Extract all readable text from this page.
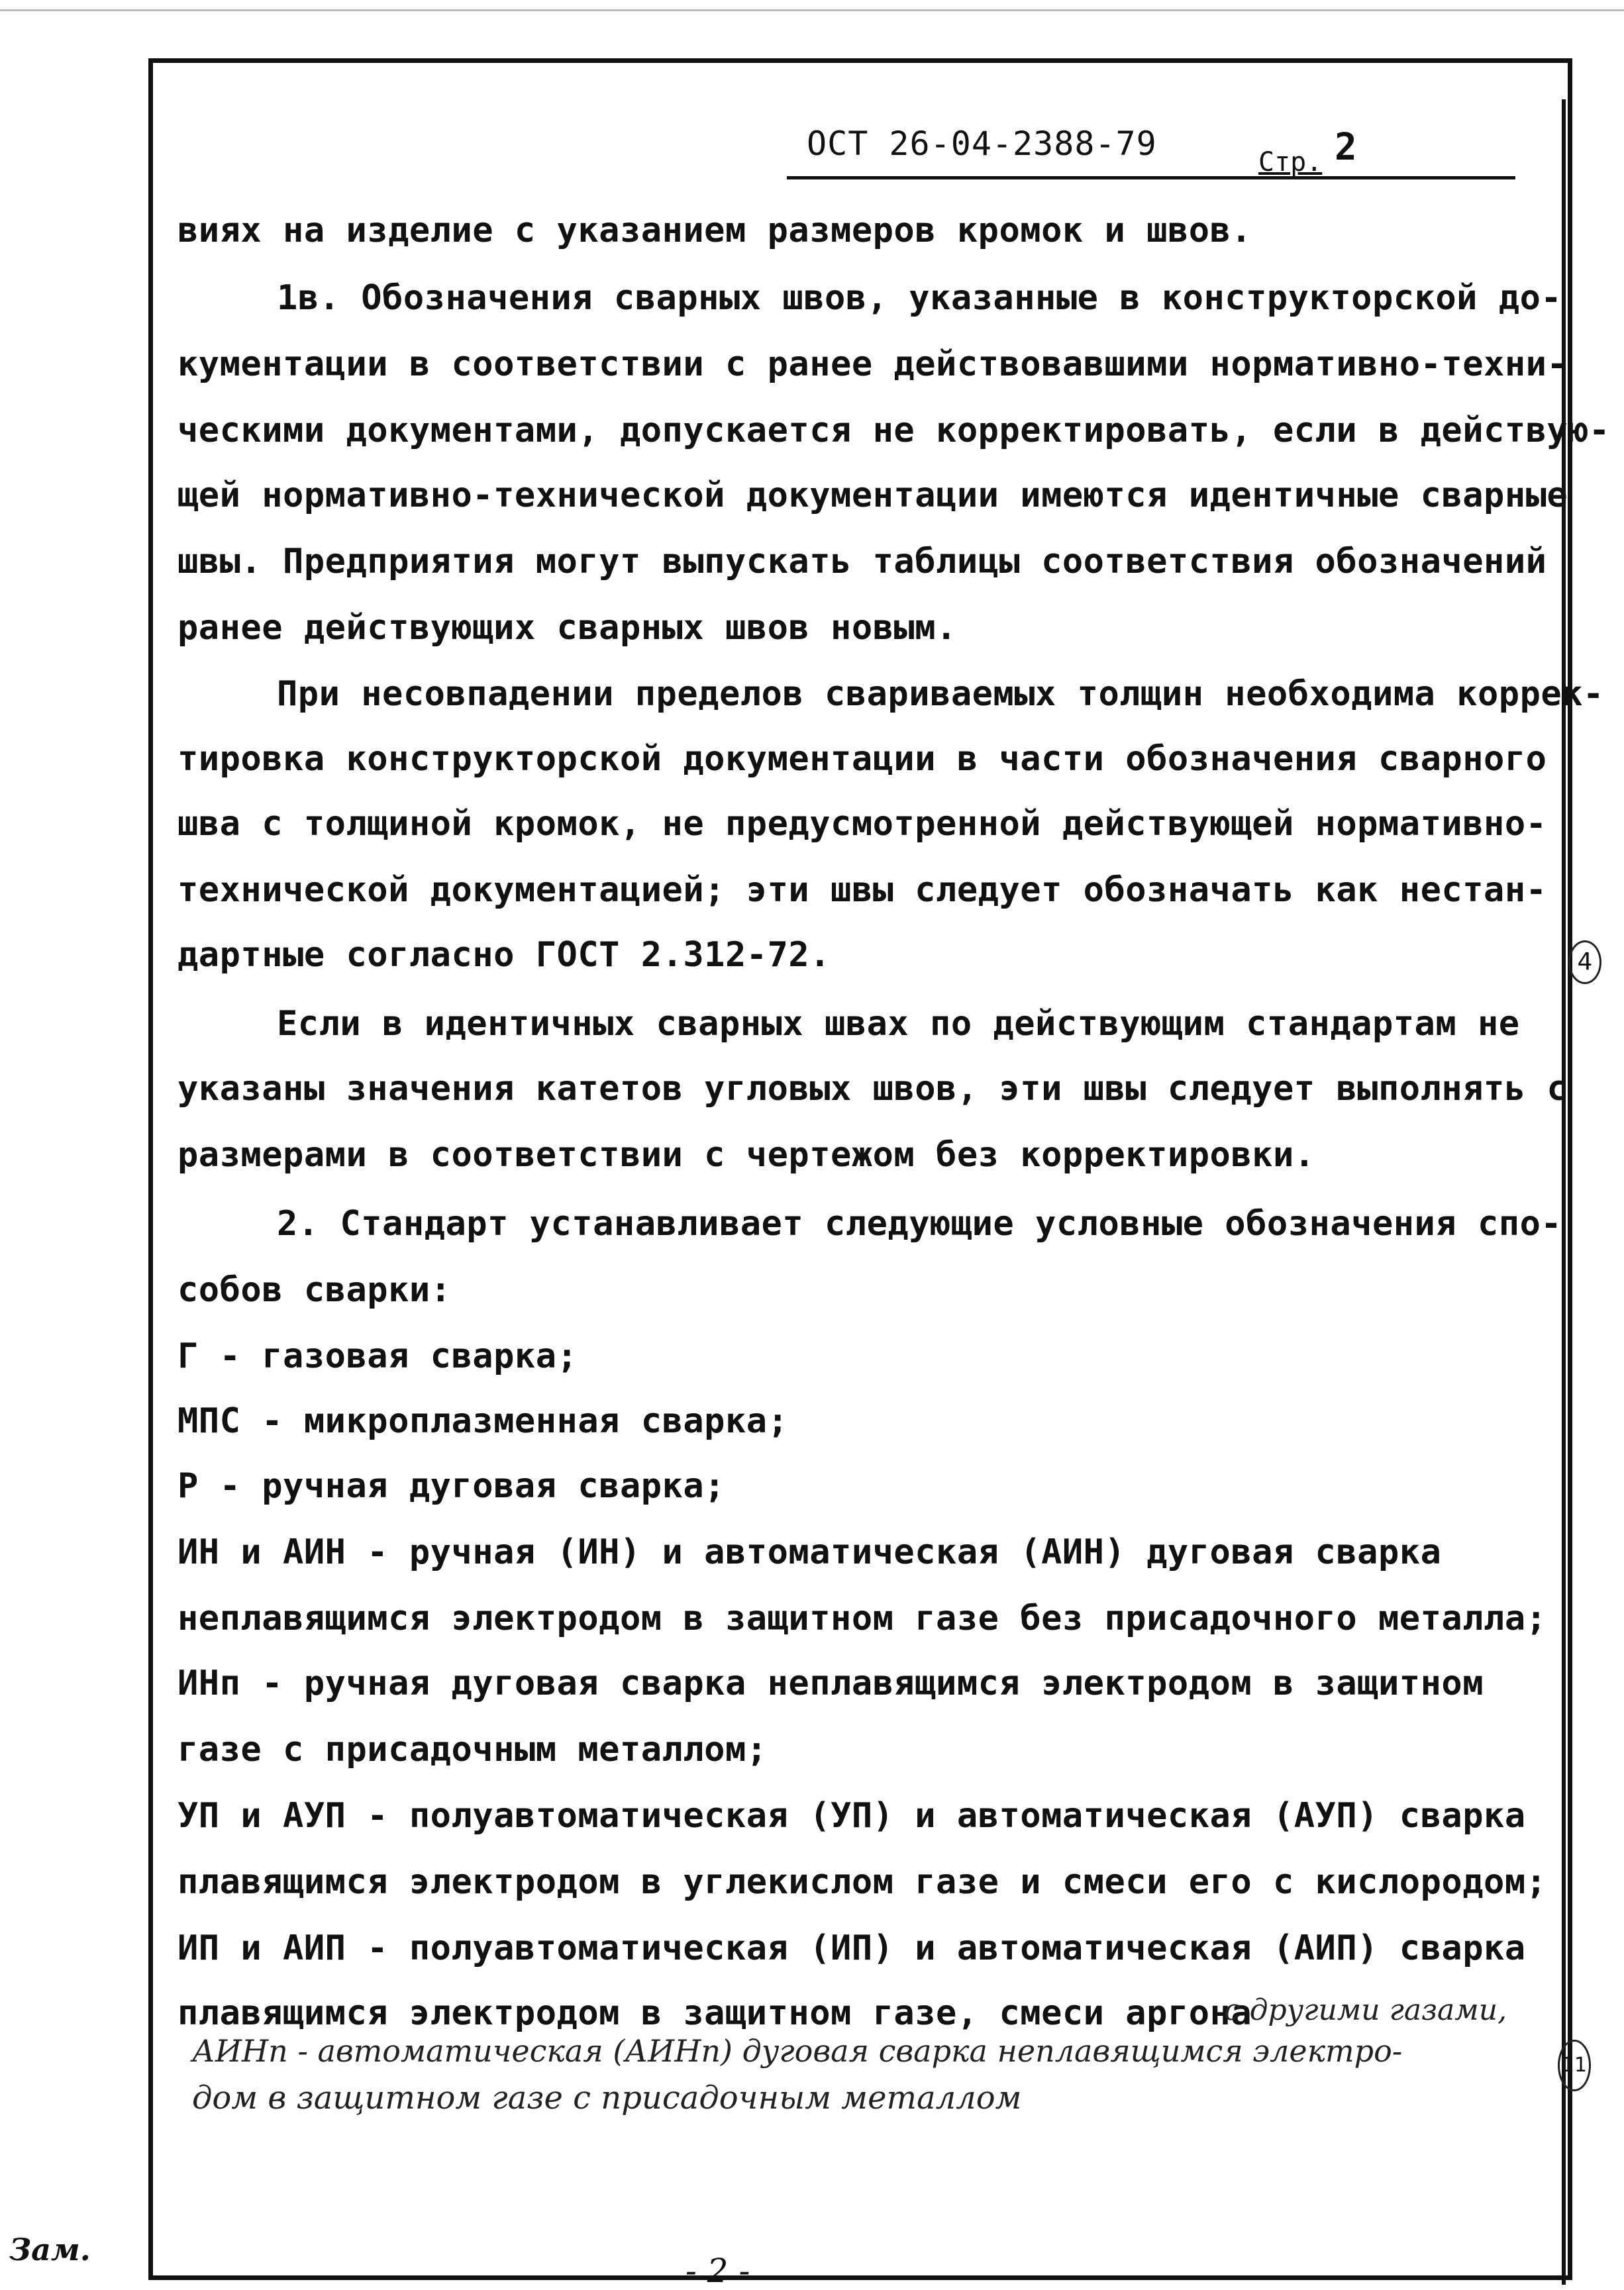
ОСТ 26-04-2388-79	Стр. 2
виях на изделие с указанием размеров кромок и швов.
1в. Обозначения сварных швов, указанные в конструкторской до-
кументации в соответствии с ранее действовавшими нормативно-техни-
ческими документами, допускается не корректировать, если в действую-
щей нормативно-технической документации имеются идентичные сварные
швы. Предприятия могут выпускать таблицы соответствия обозначений
ранее действующих сварных швов новым.
При несовпадении пределов свариваемых толщин необходима коррек-
тировка конструкторской документации в части обозначения сварного
шва с толщиной кромок, не предусмотренной действующей нормативно-
технической документацией; эти швы следует обозначать как нестан-
дартные согласно ГОСТ 2.312-72.
Если в идентичных сварных швах по действующим стандартам не
указаны значения катетов угловых швов, эти швы следует выполнять с
размерами в соответствии с чертежом без корректировки.
2. Стандарт устанавливает следующие условные обозначения спо-
собов сварки:
Г - газовая сварка;
МПС - микроплазменная сварка;
Р - ручная дуговая сварка;
ИН и АИН - ручная (ИН) и автоматическая (АИН) дуговая сварка
неплавящимся электродом в защитном газе без присадочного металла;
ИНп - ручная дуговая сварка неплавящимся электродом в защитном
газе с присадочным металлом;
УП и АУП - полуавтоматическая (УП) и автоматическая (АУП) сварка
плавящимся электродом в углекислом газе и смеси его с кислородом;
ИП и АИП - полуавтоматическая (ИП) и автоматическая (АИП) сварка
плавящимся электродом в защитном газе, смеси аргона
с другими газами,
АИНп - автоматическая (АИНп) дуговая сварка неплавящимся электро-
дом в защитном газе с присадочным металлом
4
11
Зам.
- 2 -
